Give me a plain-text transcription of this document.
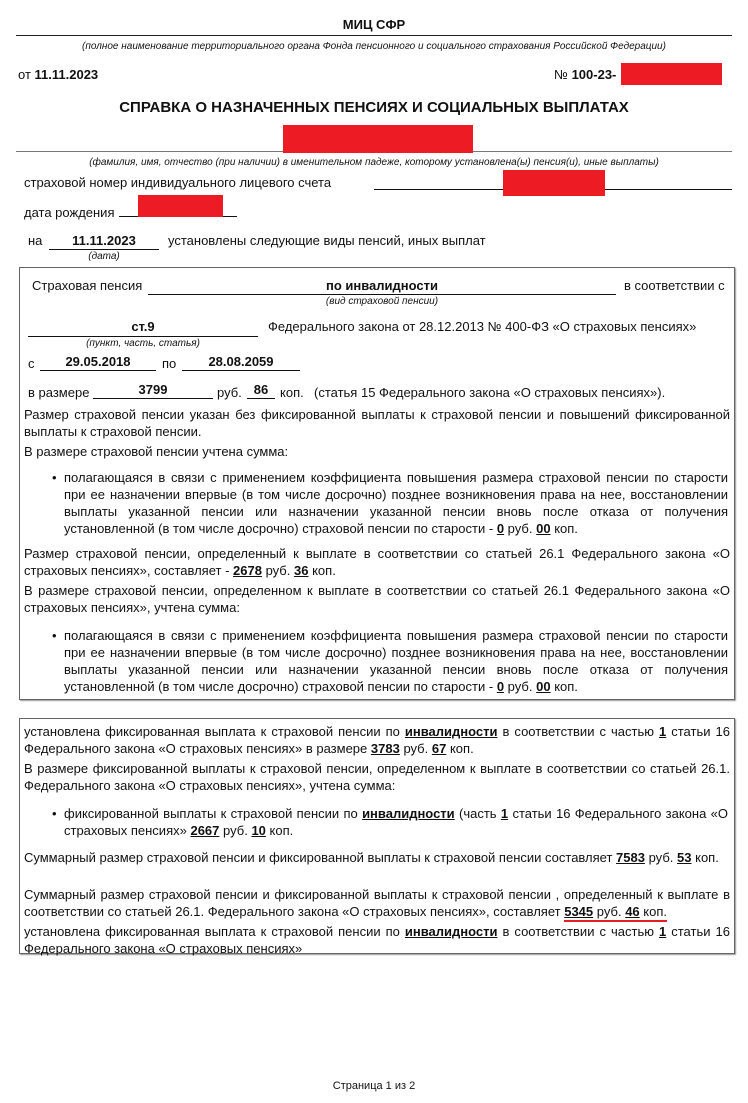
МИЦ СФР
(полное наименование территориального органа Фонда пенсионного и социального страхования Российской Федерации)
от 11.11.2023	№ 100-23-
СПРАВКА О НАЗНАЧЕННЫХ ПЕНСИЯХ И СОЦИАЛЬНЫХ ВЫПЛАТАХ
(фамилия, имя, отчество (при наличии) в именительном падеже, которому установлена(ы) пенсия(и), иные выплаты)
страховой номер индивидуального лицевого счета
дата рождения
на	11.11.2023	установлены следующие виды пенсий, иных выплат
(дата)
Страховая пенсия	по инвалидности	в соответствии с
(вид страховой пенсии)
ст.9	Федерального закона от 28.12.2013 № 400-ФЗ «О страховых пенсиях»
(пункт, часть, статья)
с	29.05.2018	по	28.08.2059
в размере	3799	руб. 86 коп. (статья 15 Федерального закона «О страховых пенсиях»).
Размер страховой пенсии указан без фиксированной выплаты к страховой пенсии и повышений фиксированной выплаты к страховой пенсии.
В размере страховой пенсии учтена сумма:
• полагающаяся в связи с применением коэффициента повышения размера страховой пенсии по старости при ее назначении впервые (в том числе досрочно) позднее возникновения права на нее, восстановлении выплаты указанной пенсии или назначении указанной пенсии вновь после отказа от получения установленной (в том числе досрочно) страховой пенсии по старости - 0 руб. 00 коп.
Размер страховой пенсии, определенный к выплате в соответствии со статьей 26.1 Федерального закона «О страховых пенсиях», составляет - 2678 руб. 36 коп.
В размере страховой пенсии, определенном к выплате в соответствии со статьей 26.1 Федерального закона «О страховых пенсиях», учтена сумма:
• полагающаяся в связи с применением коэффициента повышения размера страховой пенсии по старости при ее назначении впервые (в том числе досрочно) позднее возникновения права на нее, восстановлении выплаты указанной пенсии или назначении указанной пенсии вновь после отказа от получения установленной (в том числе досрочно) страховой пенсии по старости - 0 руб. 00 коп.
установлена фиксированная выплата к страховой пенсии по инвалидности в соответствии с частью 1 статьи 16 Федерального закона «О страховых пенсиях» в размере 3783 руб. 67 коп.
В размере фиксированной выплаты к страховой пенсии, определенном к выплате в соответствии со статьей 26.1. Федерального закона «О страховых пенсиях», учтена сумма:
• фиксированной выплаты к страховой пенсии по инвалидности (часть 1 статьи 16 Федерального закона «О страховых пенсиях» 2667 руб. 10 коп.
Суммарный размер страховой пенсии и фиксированной выплаты к страховой пенсии составляет 7583 руб. 53 коп.
Суммарный размер страховой пенсии и фиксированной выплаты к страховой пенсии , определенный к выплате в соответствии со статьей 26.1. Федерального закона «О страховых пенсиях», составляет 5345 руб. 46 коп.
установлена фиксированная выплата к страховой пенсии по инвалидности в соответствии с частью 1 статьи 16 Федерального закона «О страховых пенсиях»
Страница 1 из 2
